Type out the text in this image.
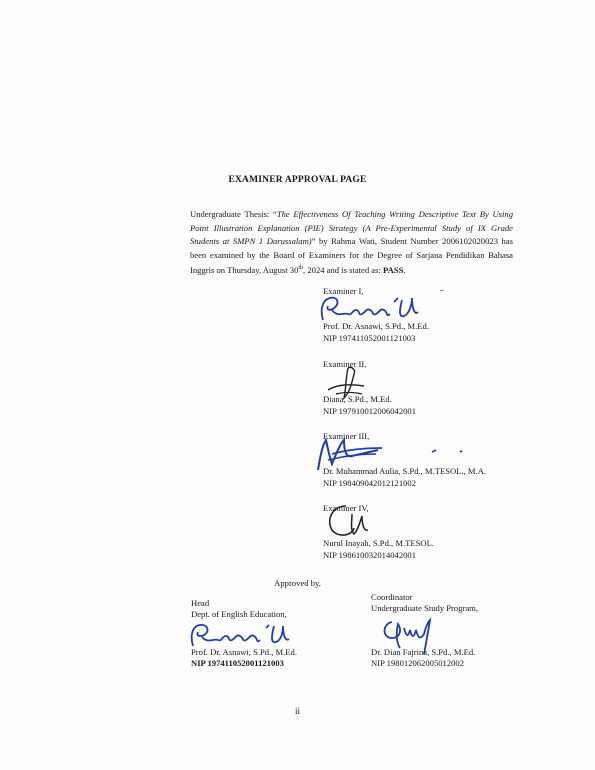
EXAMINER APPROVAL PAGE
Undergraduate Thesis: “The Effectiveness Of Teaching Writing Descriptive Text By Using Point Illustration Explanation (PIE) Strategy (A Pre-Experimental Study of IX Grade Students at SMPN 1 Darussalam)” by Rahma Wati, Student Number 2006102020023 has been examined by the Board of Examiners for the Degree of Sarjana Pendidikan Bahasa Inggris on Thursday, August 30th, 2024 and is stated as: PASS.
Examiner I,
Prof. Dr. Asnawi, S.Pd., M.Ed.
NIP 197411052001121003
Examiner II,
Diana, S.Pd., M.Ed.
NIP 197910012006042001
Examiner III,
Dr. Muhammad Aulia, S.Pd., M.TESOL., M.A.
NIP 198409042012121002
Examiner IV,
Nurul Inayah, S.Pd., M.TESOL.
NIP 198610032014042001
Approved by,
Head
Dept. of English Education,
Prof. Dr. Asnawi, S.Pd., M.Ed.
NIP 197411052001121003
Coordinator
Undergraduate Study Program,
Dr. Dian Fajrina, S.Pd., M.Ed.
NIP 198012062005012002
ii
